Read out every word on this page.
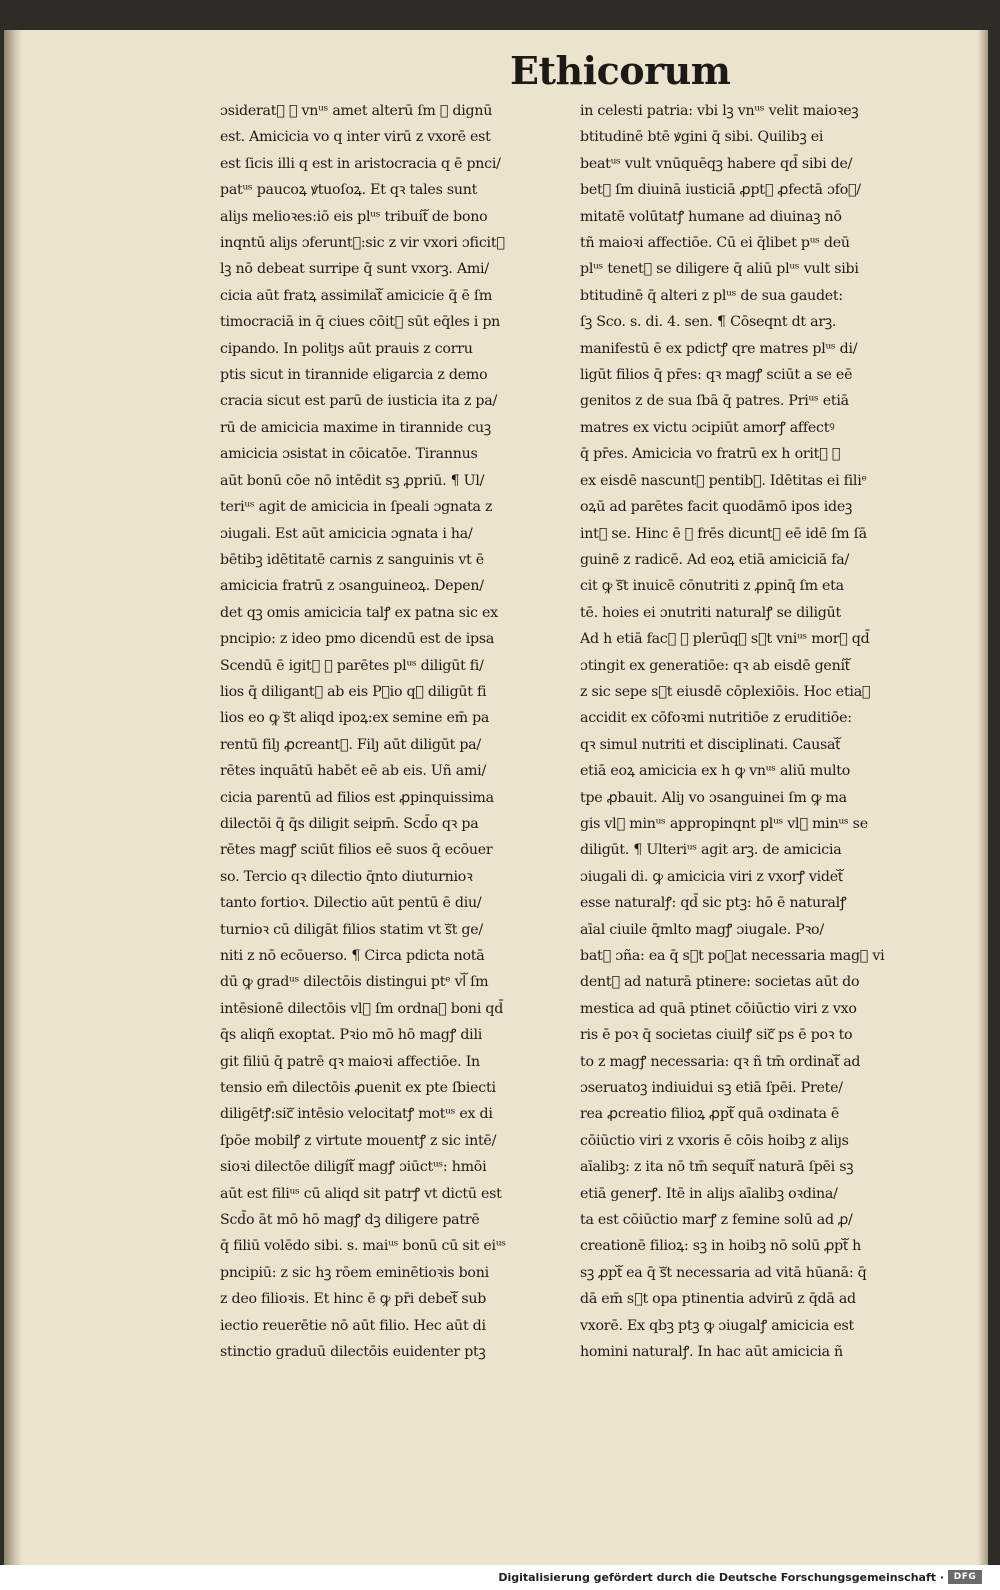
Ethicorum
ɔsideratᷓ ꝙ vnᵘˢ amet alterū ſm ꝙ dignū
est. Amicicia vo q inter virū z vxorē est
est ſicis illi q est in aristocracia q ē pnci/
patᵘˢ paucoꝝ ꝟtuoſoꝝ. Et qꝛ tales sunt
aliȷs melioꝛes:iō eis plᵘˢ tribuitᷓ de bono
inqntū aliȷs ɔferuntᷓ:sic z vir vxori ɔficitᷓ
lꝫ nō debeat surripe q̄ sunt vxorꝫ. Ami/
cicia aūt fratꝝ assimilatᷓ amicicie q̄ ē ſm
timocraciā in q̄ ciues cōitᷓ sūt eq̄les i pn
cipando. In politȷs aūt prauis z corru
ptis sicut in tirannide eligarcia z demo
cracia sicut est parū de iusticia ita z pa/
rū de amicicia maxime in tirannide cuꝫ
amicicia ɔsistat in cōicatōe. Tirannus
aūt bonū cōe nō intēdit sꝫ ꝓpriū. ¶ Ul/
teriᵘˢ agit de amicicia in ſpeali ɔgnata z
ɔiugali. Est aūt amicicia ɔgnata i ha/
bētibꝫ idētitatē carnis z sanguinis vt ē
amicicia fratrū z ɔsanguineoꝝ. Depen/
det qꝫ omis amicicia talꝭ ex patna sic ex
pncipio: z ideo pmo dicendū est de ipsa
Scendū ē igitᷓ ꝙ parētes plᵘˢ diligūt fi/
lios q̄ diligantᷓ ab eis Pꝛio qꝛ diligūt fi
lios eo ꝙ sᷓt aliqd ipoꝝ:ex semine em̄ pa
rentū filȷ ꝓcreantᷓ. Filȷ aūt diligūt pa/
rētes inquātū habēt eē ab eis. Uñ ami/
cicia parentū ad filios est ꝓpinquissima
dilectōi q̄ q̄s diligit seipm̄. Scd̄o qꝛ pa
rētes magꝭ sciūt filios eē suos q̄ ecōuer
so. Tercio qꝛ dilectio q̄nto diuturnioꝛ
tanto fortioꝛ. Dilectio aūt pentū ē diu/
turnioꝛ cū diligāt filios statim vt sᷓt ge/
niti z nō ecōuerso. ¶ Circa pdicta notā
dū ꝙ gradᵘˢ dilectōis distingui ptᵉ vlᷓ ſm
intēsionē dilectōis vlᷓ ſm ordnaꝫ boni qd̄
q̄s aliqñ exoptat. Pꝛio mō hō magꝭ dili
git filiū q̄ patrē qꝛ maioꝛi affectiōe. In
tensio em̄ dilectōis ꝓuenit ex pte ſbiecti
diligētꝭ:sicᷓ intēsio velocitatꝭ motᵘˢ ex di
ſpōe mobilꝭ z virtute mouentꝭ z sic intē/
sioꝛi dilectōe diligitᷓ magꝭ ɔiūctᵘˢ: hmōi
aūt est filiᵘˢ cū aliqd sit patrꝭ vt dictū est
Scd̄o āt mō hō magꝭ dꝫ diligere patrē
q̄ filiū volēdo sibi. s. maiᵘˢ bonū cū sit eiᵘˢ
pncipiū: z sic hꝫ rōem eminētioꝛis boni
z deo filioꝛis. Et hinc ē ꝙ pr̄i debetᷓ sub
iectio reuerētie nō aūt filio. Hec aūt di
stinctio graduū dilectōis euidenter ptꝫ
in celesti patria: vbi lꝫ vnᵘˢ velit maioꝛeꝫ
btitudinē btē ꝟgini q̄ sibi. Quilibꝫ ei
beatᵘˢ vult vnūquēqꝫ habere qd̄ sibi de/
betᷓ ſm diuinā iusticiā ꝓptᷓ ꝓfectā ɔfoꝛ/
mitatē volūtatꝭ humane ad diuinaꝫ nō
tñ maioꝛi affectiōe. Cū ei q̄libet pᵘˢ deū
plᵘˢ tenetᷓ se diligere q̄ aliū plᵘˢ vult sibi
btitudinē q̄ alteri z plᵘˢ de sua gaudet:
ſꝫ Sco. s. di. 4. sen. ¶ Cōseqnt dt arꝫ.
manifestū ē ex pdictꝭ qre matres plᵘˢ di/
ligūt filios q̄ pr̄es: qꝛ magꝭ sciūt a se eē
genitos z de sua ſbā q̄ patres. Priᵘˢ etiā
matres ex victu ɔcipiūt amorꝭ affectꝰ
q̄ pr̄es. Amicicia vo fratrū ex h oritᷓ ꝙ
ex eisdē nascuntᷓ pentibꝫ. Idētitas ei filiᵉ
oꝝū ad parētes facit quodāmō ipos ideꝫ
intᷓ se. Hinc ē ꝙ frēs dicuntᷓ eē idē ſm ſā
guinē z radicē. Ad eoꝝ etiā amiciciā fa/
cit ꝙ sᷓt inuicē cōnutriti z ꝓpinq̄ ſm eta
tē. hoies ei ɔnutriti naturalꝭ se diligūt
Ad h etiā facᷓ ꝙ plerūqꝫ sᷓt vniᵘˢ morꝭ qd̄
ɔtingit ex generatiōe: qꝛ ab eisdē genitᷓ
z sic sepe sᷓt eiusdē cōplexiōis. Hoc etiaꝫ
accidit ex cōfoꝛmi nutritiōe z eruditiōe:
qꝛ simul nutriti et disciplinati. Causatᷓ
etiā eoꝝ amicicia ex h ꝙ vnᵘˢ aliū multo
tpe ꝓbauit. Aliȷ vo ɔsanguinei ſm ꝙ ma
gis vlᷓ minᵘˢ appropinqnt plᵘˢ vlᷓ minᵘˢ se
diligūt. ¶ Ulteriᵘˢ agit arꝫ. de amicicia
ɔiugali di. ꝙ amicicia viri z vxorꝭ videtᷓ
esse naturalꝭ: qd̄ sic ptꝫ: hō ē naturalꝭ
aīal ciuile q̄mlto magꝭ ɔiugale. Pꝛo/
batᷓ ɔña: ea q̄ sᷓt poꝛat necessaria magꝭ vi
dentᷓ ad naturā ptinere: societas aūt do
mestica ad quā ptinet cōiūctio viri z vxo
ris ē poꝛ q̄ societas ciuilꝭ sicᷓ ps ē poꝛ to
to z magꝭ necessaria: qꝛ ñ tm̄ ordinatᷓ ad
ɔseruatoꝫ indiuidui sꝫ etiā ſpēi. Prete/
rea ꝓcreatio filioꝝ ꝓptᷓ quā oꝛdinata ē
cōiūctio viri z vxoris ē cōis hoibꝫ z aliȷs
aīalibꝫ: z ita nō tm̄ sequitᷓ naturā ſpēi sꝫ
etiā generꝭ. Itē in aliȷs aīalibꝫ oꝛdina/
ta est cōiūctio marꝭ z femine solū ad ꝓ/
creationē filioꝝ: sꝫ in hoibꝫ nō solū ꝓptᷓ h
sꝫ ꝓptᷓ ea q̄ sᷓt necessaria ad vitā hūanā: q̄
dā em̄ sᷓt opa ptinentia advirū z q̄dā ad
vxorē. Ex qbꝫ ptꝫ ꝙ ɔiugalꝭ amicicia est
homini naturalꝭ. In hac aūt amicicia ñ
Digitalisierung gefördert durch die Deutsche Forschungsgemeinschaft ·	DFG
